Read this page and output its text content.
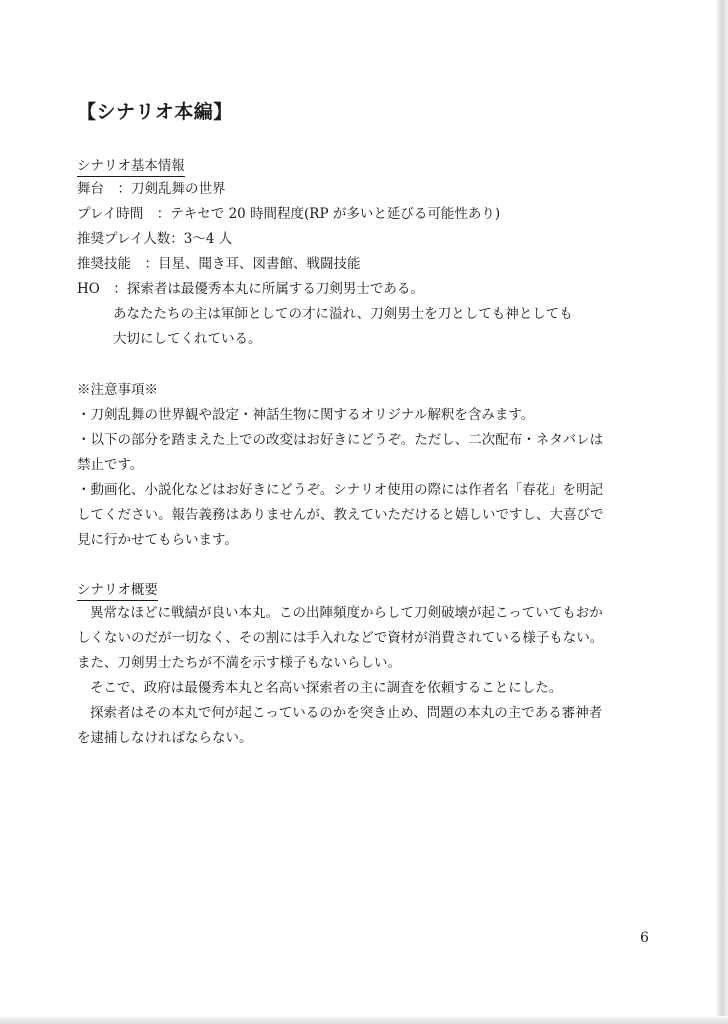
【シナリオ本編】
シナリオ基本情報

舞台　：刀剣乱舞の世界

プレイ時間　：テキセで 20 時間程度(RP が多いと延びる可能性あり)

推奨プレイ人数：3～4 人

推奨技能　：目星、聞き耳、図書館、戦闘技能

HO　：探索者は最優秀本丸に所属する刀剣男士である。

あなたたちの主は軍師としての才に溢れ、刀剣男士を刀としても神としても

大切にしてくれている。

※注意事項※

・刀剣乱舞の世界観や設定・神話生物に関するオリジナル解釈を含みます。

・以下の部分を踏まえた上での改変はお好きにどうぞ。ただし、二次配布・ネタバレは

禁止です。

・動画化、小説化などはお好きにどうぞ。シナリオ使用の際には作者名「春花」を明記

してください。報告義務はありませんが、教えていただけると嬉しいですし、大喜びで

見に行かせてもらいます。

シナリオ概要

異常なほどに戦績が良い本丸。この出陣頻度からして刀剣破壊が起こっていてもおか

しくないのだが一切なく、その割には手入れなどで資材が消費されている様子もない。

また、刀剣男士たちが不満を示す様子もないらしい。

そこで、政府は最優秀本丸と名高い探索者の主に調査を依頼することにした。

探索者はその本丸で何が起こっているのかを突き止め、問題の本丸の主である審神者

を逮捕しなければならない。

6
